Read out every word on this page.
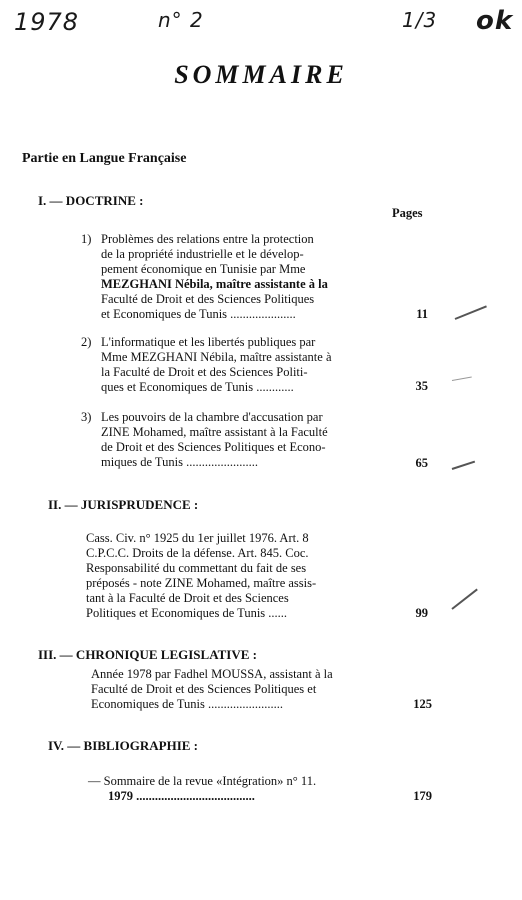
1978	n° 2	1/3 ok
SOMMAIRE
Partie en Langue Française
I. — DOCTRINE :
Pages
1) Problèmes des relations entre la protection
de la propriété industrielle et le dévelop-
pement économique en Tunisie par Mme
MEZGHANI Nébila, maître assistante à la
Faculté de Droit et des Sciences Politiques
et Economiques de Tunis .....................	11
2) L'informatique et les libertés publiques par
Mme MEZGHANI Nébila, maître assistante à
la Faculté de Droit et des Sciences Politi-
ques et Economiques de Tunis ............	35
3) Les pouvoirs de la chambre d'accusation par
ZINE Mohamed, maître assistant à la Faculté
de Droit et des Sciences Politiques et Econo-
miques de Tunis .......................	65
II. — JURISPRUDENCE :
Cass. Civ. n° 1925 du 1er juillet 1976. Art. 8
C.P.C.C. Droits de la défense. Art. 845. Coc.
Responsabilité du commettant du fait de ses
préposés - note ZINE Mohamed, maître assis-
tant à la Faculté de Droit et des Sciences
Politiques et Economiques de Tunis ......	99
III. — CHRONIQUE LEGISLATIVE :
Année 1978 par Fadhel MOUSSA, assistant à la
Faculté de Droit et des Sciences Politiques et
Economiques de Tunis ........................	125
IV. — BIBLIOGRAPHIE :
— Sommaire de la revue «Intégration» n° 11.
1979 ......................................	179
